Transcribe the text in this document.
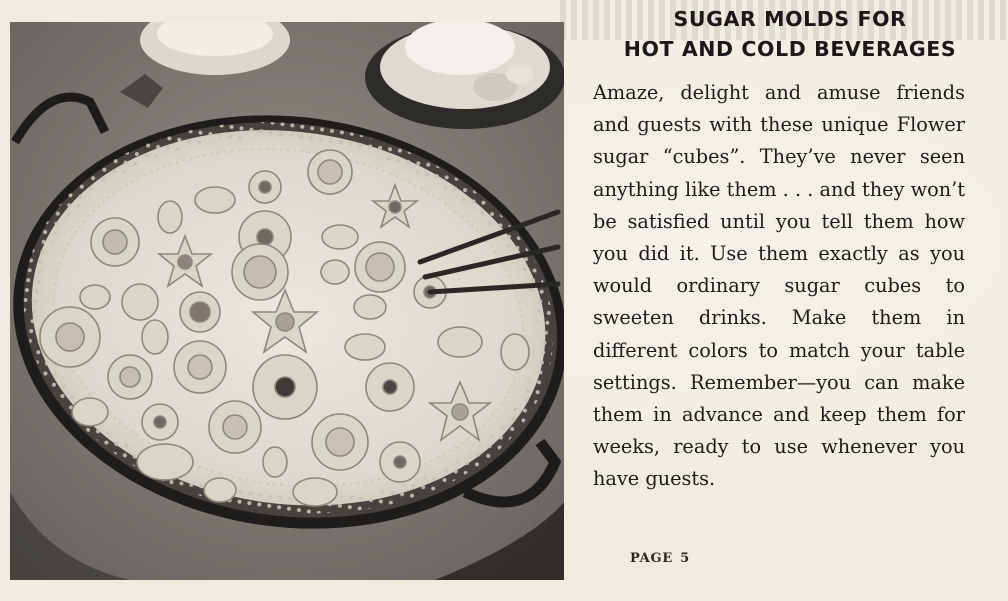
SUGAR MOLDS FOR
HOT AND COLD BEVERAGES
Amaze, delight and amuse friends and guests with these unique Flower sugar “cubes”. They’ve never seen anything like them . . . and they won’t be satisfied until you tell them how you did it. Use them exactly as you would ordinary sugar cubes to sweeten drinks. Make them in different colors to match your table settings. Remember—you can make them in advance and keep them for weeks, ready to use whenever you have guests.
PAGE 5
